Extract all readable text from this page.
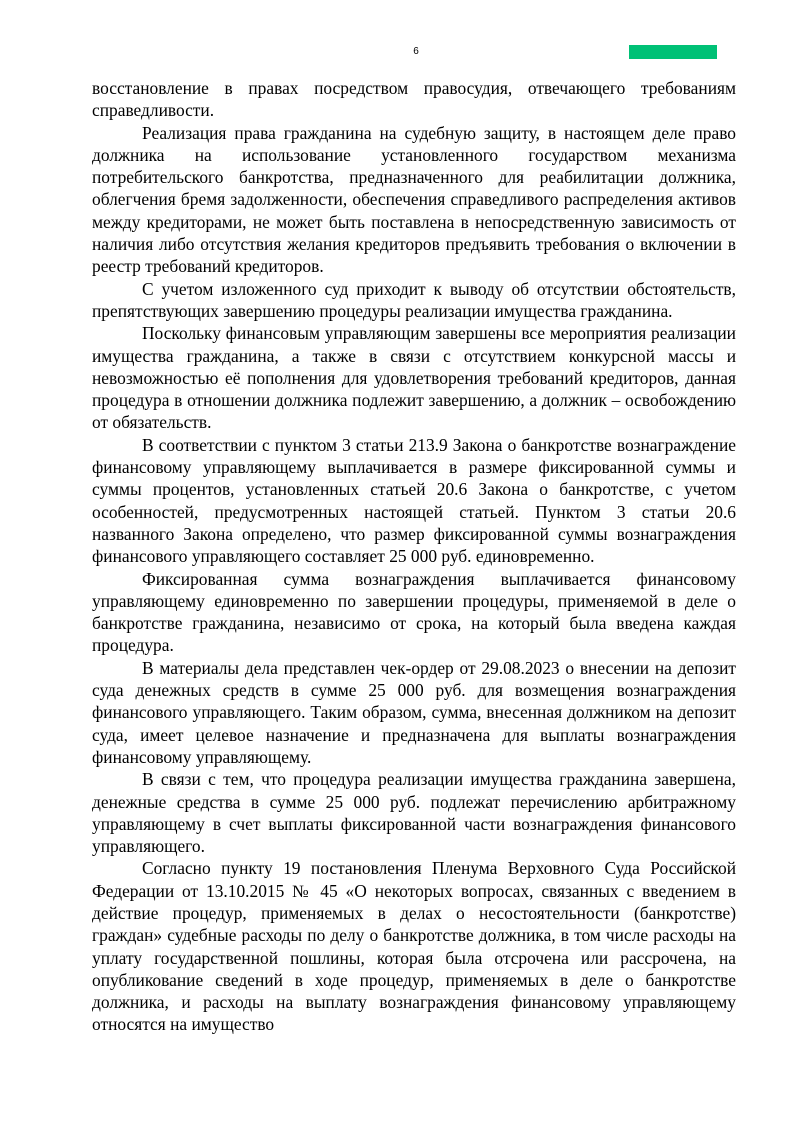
6

восстановление в правах посредством правосудия, отвечающего требованиям справедливости.

Реализация права гражданина на судебную защиту, в настоящем деле право должника на использование установленного государством механизма потребительского банкротства, предназначенного для реабилитации должника, облегчения бремя задолженности, обеспечения справедливого распределения активов между кредиторами, не может быть поставлена в непосредственную зависимость от наличия либо отсутствия желания кредиторов предъявить требования о включении в реестр требований кредиторов.

С учетом изложенного суд приходит к выводу об отсутствии обстоятельств, препятствующих завершению процедуры реализации имущества гражданина.

Поскольку финансовым управляющим завершены все мероприятия реализации имущества гражданина, а также в связи с отсутствием конкурсной массы и невозможностью её пополнения для удовлетворения требований кредиторов, данная процедура в отношении должника подлежит завершению, а должник – освобождению от обязательств.

В соответствии с пунктом 3 статьи 213.9 Закона о банкротстве вознаграждение финансовому управляющему выплачивается в размере фиксированной суммы и суммы процентов, установленных статьей 20.6 Закона о банкротстве, с учетом особенностей, предусмотренных настоящей статьей. Пунктом 3 статьи 20.6 названного Закона определено, что размер фиксированной суммы вознаграждения финансового управляющего составляет 25 000 руб. единовременно.

Фиксированная сумма вознаграждения выплачивается финансовому управляющему единовременно по завершении процедуры, применяемой в деле о банкротстве гражданина, независимо от срока, на который была введена каждая процедура.

В материалы дела представлен чек-ордер от 29.08.2023 о внесении на депозит суда денежных средств в сумме 25 000 руб. для возмещения вознаграждения финансового управляющего. Таким образом, сумма, внесенная должником на депозит суда, имеет целевое назначение и предназначена для выплаты вознаграждения финансовому управляющему.

В связи с тем, что процедура реализации имущества гражданина завершена, денежные средства в сумме 25 000 руб. подлежат перечислению арбитражному управляющему в счет выплаты фиксированной части вознаграждения финансового управляющего.

Согласно пункту 19 постановления Пленума Верховного Суда Российской Федерации от 13.10.2015 № 45 «О некоторых вопросах, связанных с введением в действие процедур, применяемых в делах о несостоятельности (банкротстве) граждан» судебные расходы по делу о банкротстве должника, в том числе расходы на уплату государственной пошлины, которая была отсрочена или рассрочена, на опубликование сведений в ходе процедур, применяемых в деле о банкротстве должника, и расходы на выплату вознаграждения финансовому управляющему относятся на имущество
